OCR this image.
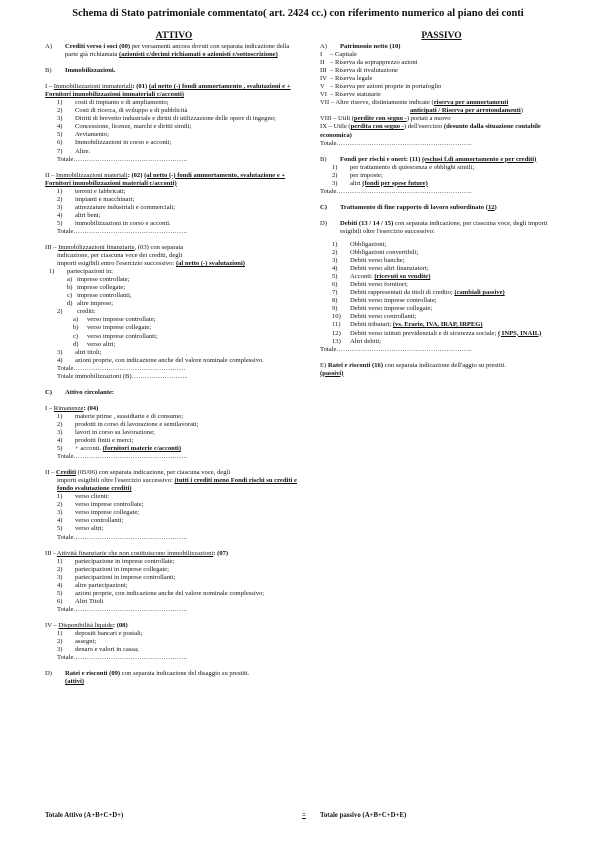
Schema di Stato patrimoniale commentato( art. 2424 cc.) con riferimento numerico al piano dei conti
ATTIVO
A) Crediti verso i soci (00) per versamenti ancora dovuti con separata indicazione della parte già richiamata (azionisti c/decimi richiamati o azionisti c/sottoscrizione)
B) Immobilizzazioni.
I – Immobilizzazioni immateriali: (01) (al netto (-) fondi ammortamento , svalutazioni e + Fornitori immobilizzazioni immateriali c/acconti)
1) costi di impianto e di ampliamento;
2) Costi di ricerca, di sviluppo e di pubblicità
3) Diritti di brevetto industriale e diritti di utilizzazione delle opere di ingegno;
4) Concessione, licenze, marchi e diritti simili;
5) Avviamento;
6) Immobilizzazioni in corso e acconti;
7) Altre.
Totale…………………………………………….
II – Immobilizzazioni materiali: (02) (al netto (-) fondi ammortamento, svalutazione e + Fornitori immobilizzazioni materiali c/acconti)
1) terreni e fabbricati;
2) impianti e macchinari;
3) attrezzature industriali e commerciali;
4) altri beni;
5) immobilizzazioni in corso e acconti.
Totale…………………………………………….
III – Immobilizzazioni finanziarie, (03) con separata
indicazione, per ciascuna voce dei crediti, degli
importi esigibili entro l'esercizio successivo: (al netto (-) svalutazioni)
1) partecipazioni in:
a) imprese controllate;
b) imprese collegate;
c) imprese controllanti,
d) altre imprese;
2) crediti:
a) verso imprese controllate;
b) verso imprese collegate;
c) verso imprese controllanti;
d) verso altri;
3) altri titoli;
4) azioni proprie, con indicazione anche del valore nominale complessivo.
Totale……………………………………………
Totale immobilizzazioni (B)……………………..
C) Attivo circolante:
I – Rimanenze: (04)
1) materie prime , sussidiarie e di consumo;
2) prodotti in corso di lavorazione e semilavorati;
3) lavori in corso su lavorazione;
4) prodotti finiti e merci;
5) + acconti. (fornitori materie c/acconti)
Totale…………………………………………….
II – Crediti (05/06) con separata indicazione, per ciascuna voce, degli
importi esigibili oltre l'esercizio successivo: (tutti i crediti meno Fondi rischi su crediti e fondo svalutazione crediti)
1) verso clienti:
2) verso imprese controllate;
3) verso imprese collegate;
4) verso controllanti;
5) verso altri;
Totale…………………………………………….
III - Attività finanziarie che non costituiscono immobilizzazioni: (07)
1) partecipazione in imprese controllate;
2) partecipazioni in imprese collegate;
3) partecipazioni in imprese controllanti;
4) altre partecipazioni;
5) azioni proprie, con indicazione anche del valore nominale complessivo;
6) Altri Titoli
Totale…………………………………………….
IV – Disponibilità liquide: (08)
1) depositi bancari e postali;
2) assegni;
3) denaro e valori in cassa;
Totale…………………………………………….
D) Ratei e risconti (09) con separata indicazione del disaggio su prestiti.
(attivi)
PASSIVO
A) Patrimonio netto (10)
I – Capitale
II – Riserva da soprapprezzo azioni
III – Riserva di rivalutazione
IV – Riserva legale
V – Riserva per azioni proprie in portafoglio
VI – Riserve statutarie
VII – Altre riserve, distintamente indicate (riserva per ammortamenti
anticipati / Riserva per arrotondamenti)
VIII – Utili (perdite con segno -) portati a nuovo
IX – Utile (perdita con segno -) dell'esercizio (desunto dalla situazione contabile economica)
Totale……………………………………………………..
B) Fondi per rischi e oneri: (11) (esclusi f.di ammortamento e per crediti)
1) per trattamento di quiescenza e obblighi simili;
2) per imposte;
3) altri (fondi per spese future)
Totale……………………………………………………..
C) Trattamento di fine rapporto di lavoro subordinato (12)
D) Debiti (13 / 14 / 15) con separata indicazione, per ciascuna voce, degli importi esigibili oltre l'esercizio successivo:
1) Obbligazioni;
2) Obbligazioni convertibili;
3) Debiti verso banche;
4) Debiti verso altri finanziatori;
5) Acconti: (ricevuti su vendite)
6) Debiti verso fornitori;
7) Debiti rappresentati da titoli di credito; (cambiali passive)
8) Debiti verso imprese controllate;
9) Debiti verso imprese collegate;
10) Debiti verso controllanti;
11) Debiti tributari; (vs. Erario, IVA, IRAP, IRPEG)
12) Debiti verso istituti previdenziali e di sicurezza sociale; ( INPS, INAIL)
13) Altri debiti;
Totale……………………………………………………..
E) Ratei e risconti (16) con separata indicazione dell'aggio su prestiti.
(passivi)
Totale Attivo (A+B+C+D+)	= Totale passivo (A+B+C+D+E)
